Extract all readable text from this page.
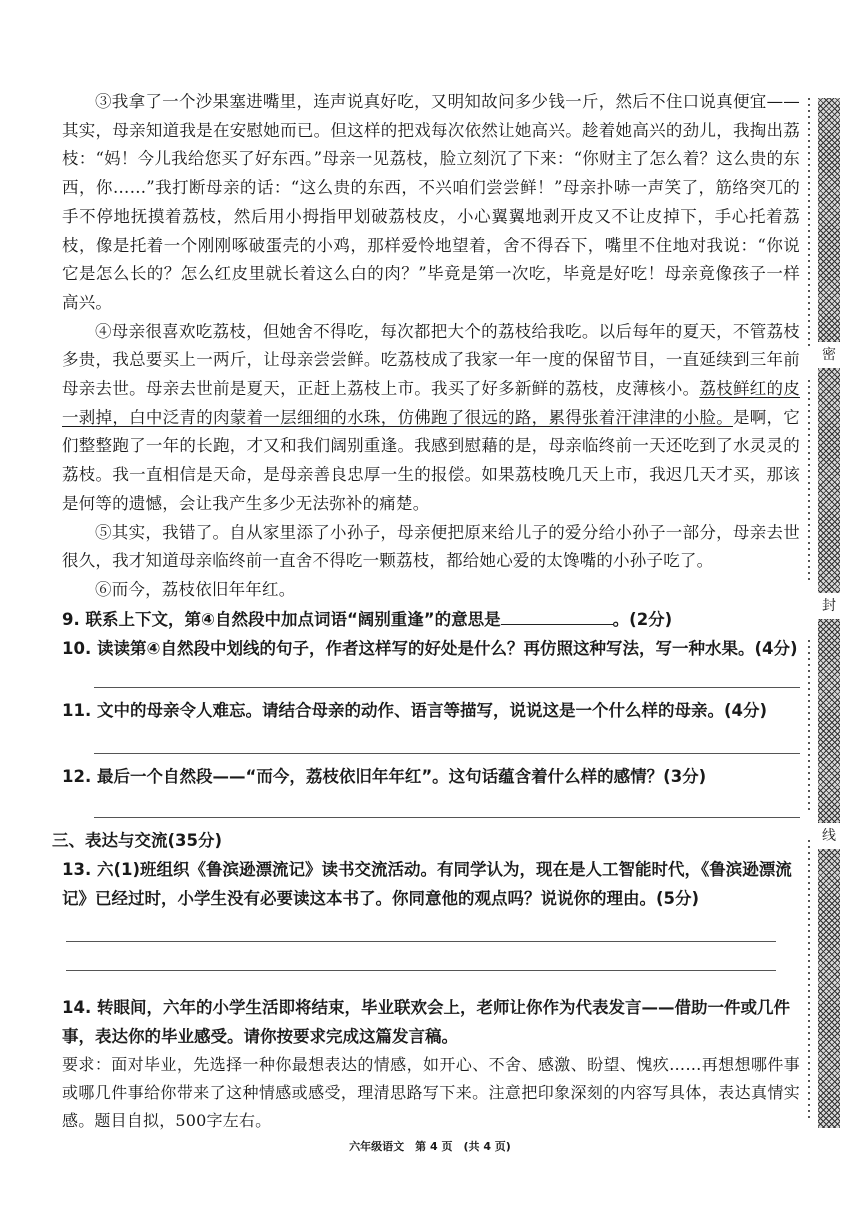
③我拿了一个沙果塞进嘴里，连声说真好吃，又明知故问多少钱一斤，然后不住口说真便宜——其实，母亲知道我是在安慰她而已。但这样的把戏每次依然让她高兴。趁着她高兴的劲儿，我掏出荔枝：“妈！今儿我给您买了好东西。”母亲一见荔枝，脸立刻沉了下来：“你财主了怎么着？这么贵的东西，你……”我打断母亲的话：“这么贵的东西，不兴咱们尝尝鲜！”母亲扑哧一声笑了，筋络突兀的手不停地抚摸着荔枝，然后用小拇指甲划破荔枝皮，小心翼翼地剥开皮又不让皮掉下，手心托着荔枝，像是托着一个刚刚啄破蛋壳的小鸡，那样爱怜地望着，舍不得吞下，嘴里不住地对我说：“你说它是怎么长的？怎么红皮里就长着这么白的肉？”毕竟是第一次吃，毕竟是好吃！母亲竟像孩子一样高兴。

④母亲很喜欢吃荔枝，但她舍不得吃，每次都把大个的荔枝给我吃。以后每年的夏天，不管荔枝多贵，我总要买上一两斤，让母亲尝尝鲜。吃荔枝成了我家一年一度的保留节目，一直延续到三年前母亲去世。母亲去世前是夏天，正赶上荔枝上市。我买了好多新鲜的荔枝，皮薄核小。荔枝鲜红的皮一剥掉，白中泛青的肉蒙着一层细细的水珠，仿佛跑了很远的路，累得张着汗津津的小脸。是啊，它们整整跑了一年的长跑，才又和我们阔别重逢。我感到慰藉的是，母亲临终前一天还吃到了水灵灵的荔枝。我一直相信是天命，是母亲善良忠厚一生的报偿。如果荔枝晚几天上市，我迟几天才买，那该是何等的遗憾，会让我产生多少无法弥补的痛楚。

⑤其实，我错了。自从家里添了小孙子，母亲便把原来给儿子的爱分给小孙子一部分，母亲去世很久，我才知道母亲临终前一直舍不得吃一颗荔枝，都给她心爱的太馋嘴的小孙子吃了。

⑥而今，荔枝依旧年年红。

9. 联系上下文，第④自然段中加点词语“阔别重逢”的意思是	。(2分)

10. 读读第④自然段中划线的句子，作者这样写的好处是什么？再仿照这种写法，写一种水果。(4分)

11. 文中的母亲令人难忘。请结合母亲的动作、语言等描写，说说这是一个什么样的母亲。(4分)

12. 最后一个自然段——“而今，荔枝依旧年年红”。这句话蕴含着什么样的感情？(3分)

三、表达与交流(35分)

13. 六(1)班组织《鲁滨逊漂流记》读书交流活动。有同学认为，现在是人工智能时代，《鲁滨逊漂流记》已经过时，小学生没有必要读这本书了。你同意他的观点吗？说说你的理由。(5分)

14. 转眼间，六年的小学生活即将结束，毕业联欢会上，老师让你作为代表发言——借助一件或几件事，表达你的毕业感受。请你按要求完成这篇发言稿。

要求：面对毕业，先选择一种你最想表达的情感，如开心、不舍、感激、盼望、愧疚……再想想哪件事或哪几件事给你带来了这种情感或感受，理清思路写下来。注意把印象深刻的内容写具体，表达真情实感。题目自拟，500字左右。

六年级语文　第 4 页　(共 4 页)
密
封
线
